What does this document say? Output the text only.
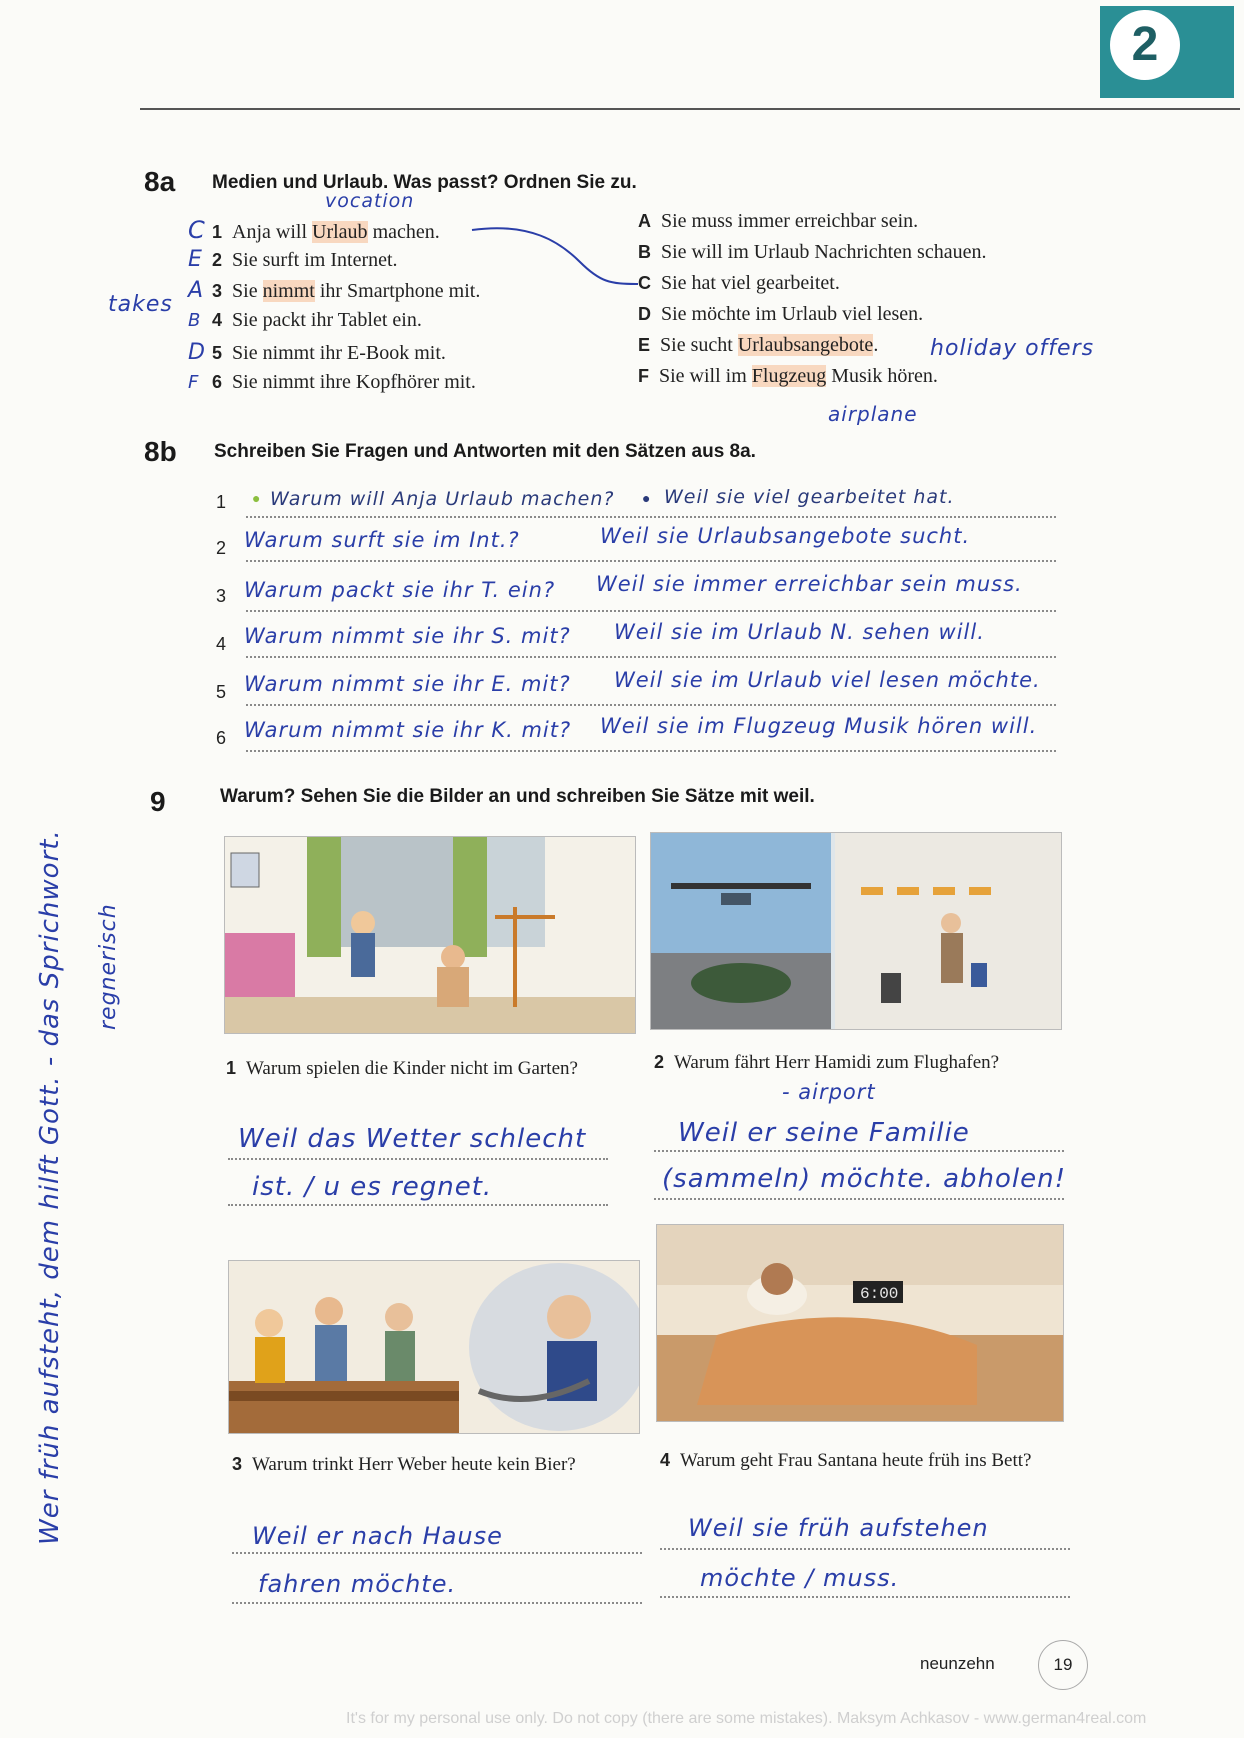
2
Wer früh aufsteht, dem hilft Gott. - das Sprichwort.
8a Medien und Urlaub. Was passt? Ordnen Sie zu.
vocation
takes
holiday offers
airplane
C 1 Anja will Urlaub machen.
E 2 Sie surft im Internet.
A 3 Sie nimmt ihr Smartphone mit.
B 4 Sie packt ihr Tablet ein.
D 5 Sie nimmt ihr E-Book mit.
F 6 Sie nimmt ihre Kopfhörer mit.
A Sie muss immer erreichbar sein.
B Sie will im Urlaub Nachrichten schauen.
C Sie hat viel gearbeitet.
D Sie möchte im Urlaub viel lesen.
E Sie sucht Urlaubsangebote.
F Sie will im Flugzeug Musik hören.
8b Schreiben Sie Fragen und Antworten mit den Sätzen aus 8a.
1 ● Warum will Anja Urlaub machen? ● Weil sie viel gearbeitet hat.
2 Warum surft sie im Int.?	Weil sie Urlaubsangebote sucht.
3 Warum packt sie ihr T. ein? Weil sie immer erreichbar sein muss.
4 Warum nimmt sie ihr S. mit? Weil sie im Urlaub N. sehen will.
5 Warum nimmt sie ihr E. mit? Weil sie im Urlaub viel lesen möchte.
6 Warum nimmt sie ihr K. mit? Weil sie im Flugzeug Musik hören will.
9	Warum? Sehen Sie die Bilder an und schreiben Sie Sätze mit weil.
regnerisch
1 Warum spielen die Kinder nicht im Garten?
Weil das Wetter schlecht
ist. / u es regnet.
2 Warum fährt Herr Hamidi zum Flughafen?
- airport
Weil er seine Familie
(sammeln) möchte. abholen!
6:00
3 Warum trinkt Herr Weber heute kein Bier?
Weil er nach Hause
fahren möchte.
4 Warum geht Frau Santana heute früh ins Bett?
Weil sie früh aufstehen
möchte / muss.
neunzehn	19
It's for my personal use only. Do not copy (there are some mistakes). Maksym Achkasov - www.german4real.com
